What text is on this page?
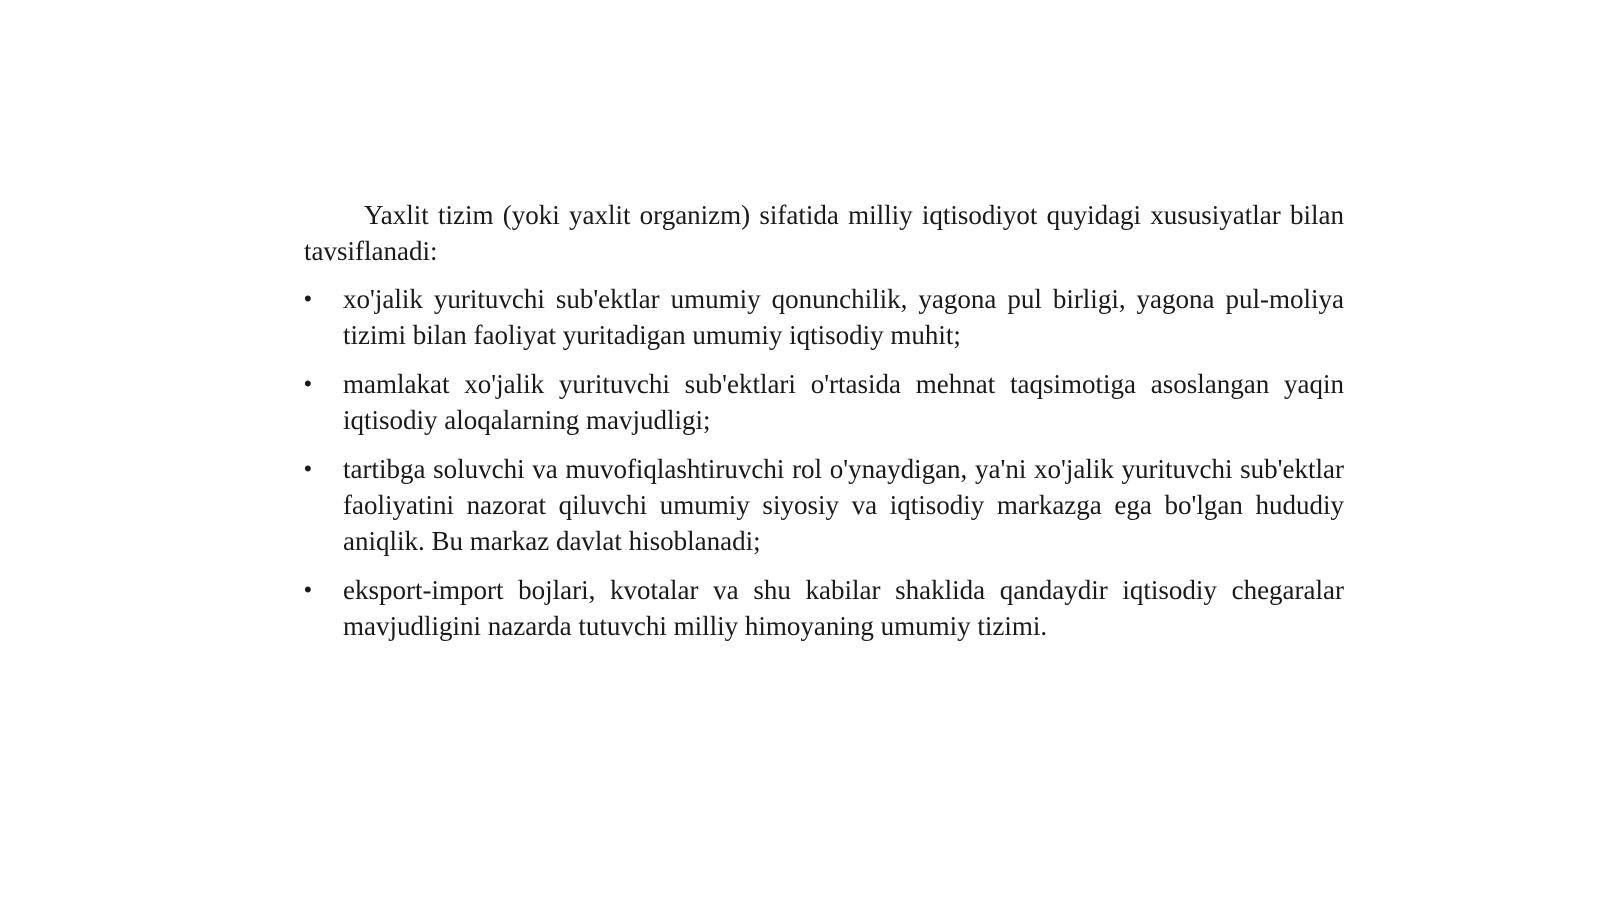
Yaxlit tizim (yoki yaxlit organizm) sifatida milliy iqtisodiyot quyidagi xususiyatlar bilan tavsiflanadi:

•	xo'jalik yurituvchi sub'ektlar umumiy qonunchilik, yagona pul birligi, yagona pul-moliya tizimi bilan faoliyat yuritadigan umumiy iqtisodiy muhit;
•	mamlakat xo'jalik yurituvchi sub'ektlari o'rtasida mehnat taqsimotiga asoslangan yaqin iqtisodiy aloqalarning mavjudligi;
•	tartibga soluvchi va muvofiqlashtiruvchi rol o'ynaydigan, ya'ni xo'jalik yurituvchi sub'ektlar faoliyatini nazorat qiluvchi umumiy siyosiy va iqtisodiy markazga ega bo'lgan hududiy aniqlik. Bu markaz davlat hisoblanadi;
•	eksport-import bojlari, kvotalar va shu kabilar shaklida qandaydir iqtisodiy chegaralar mavjudligini nazarda tutuvchi milliy himoyaning umumiy tizimi.
